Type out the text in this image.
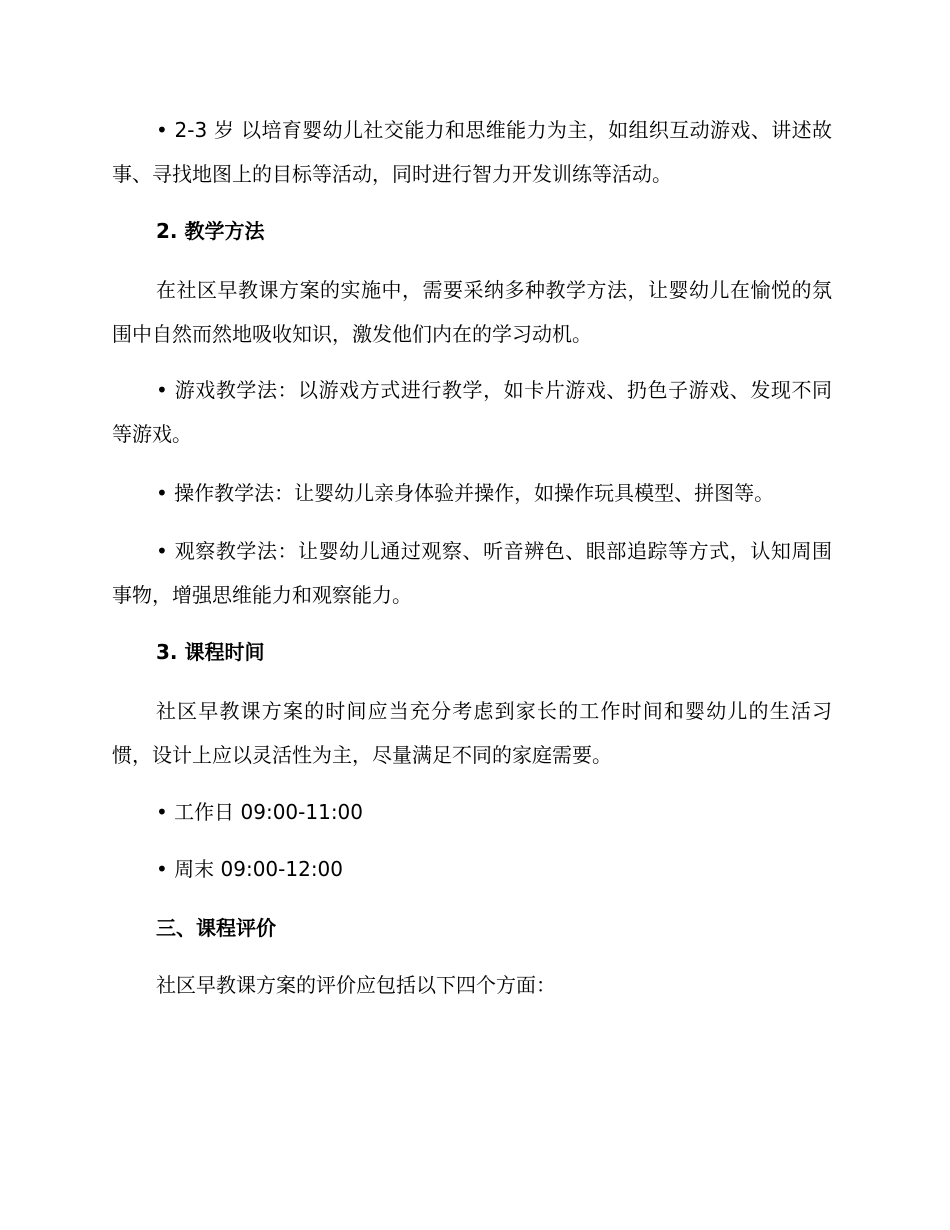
• 2-3 岁 以培育婴幼儿社交能力和思维能力为主，如组织互动游戏、讲述故事、寻找地图上的目标等活动，同时进行智力开发训练等活动。

2. 教学方法

在社区早教课方案的实施中，需要采纳多种教学方法，让婴幼儿在愉悦的氛围中自然而然地吸收知识，激发他们内在的学习动机。

• 游戏教学法：以游戏方式进行教学，如卡片游戏、扔色子游戏、发现不同等游戏。

• 操作教学法：让婴幼儿亲身体验并操作，如操作玩具模型、拼图等。

• 观察教学法：让婴幼儿通过观察、听音辨色、眼部追踪等方式，认知周围事物，增强思维能力和观察能力。

3. 课程时间

社区早教课方案的时间应当充分考虑到家长的工作时间和婴幼儿的生活习惯，设计上应以灵活性为主，尽量满足不同的家庭需要。

• 工作日 09:00-11:00

• 周末 09:00-12:00

三、课程评价

社区早教课方案的评价应包括以下四个方面：
